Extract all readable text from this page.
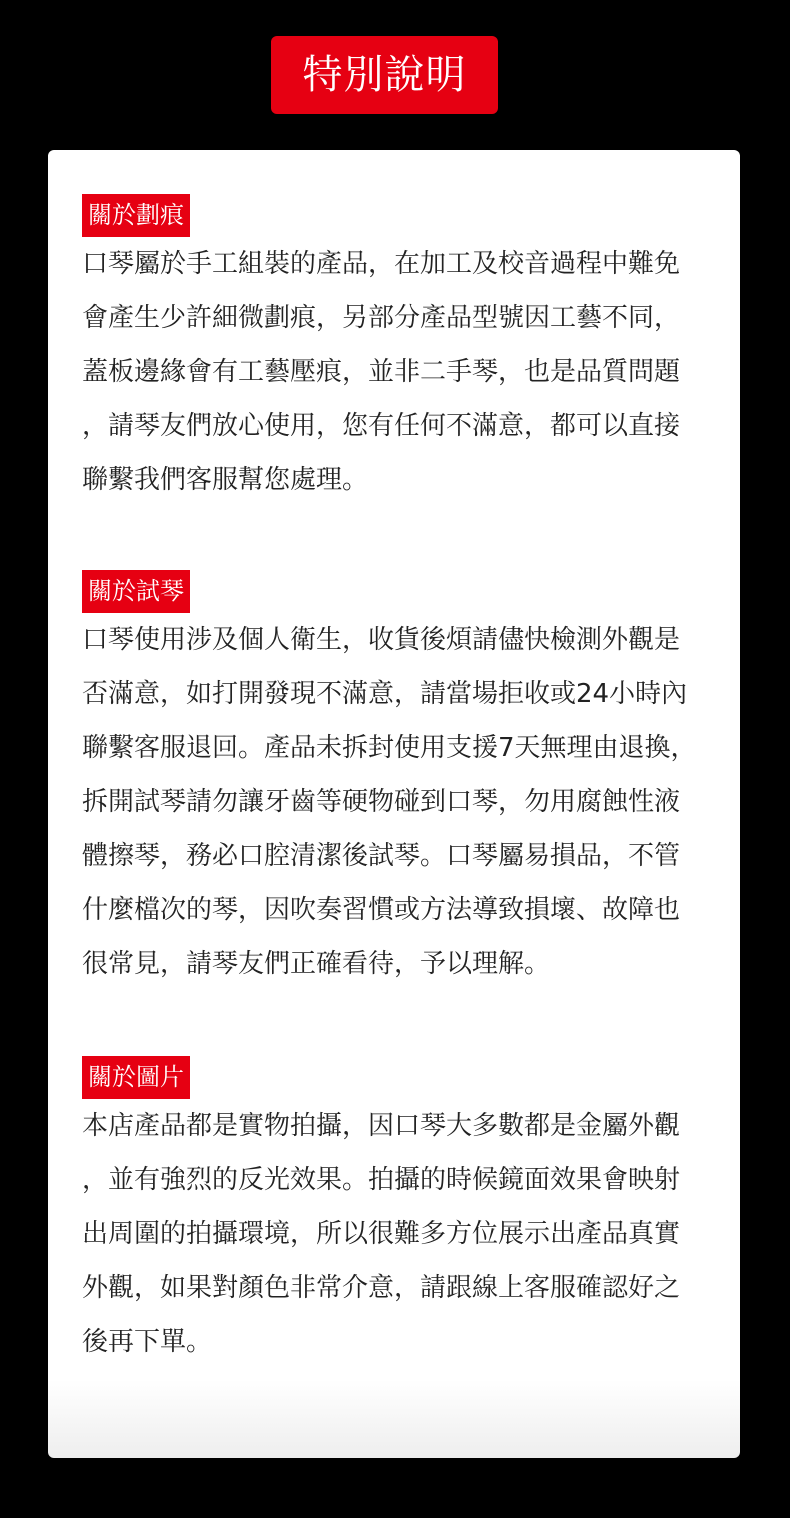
特別說明
關於劃痕
口琴屬於手工組裝的產品，在加工及校音過程中難免
會產生少許細微劃痕，另部分產品型號因工藝不同，
蓋板邊緣會有工藝壓痕，並非二手琴，也是品質問題
，請琴友們放心使用，您有任何不滿意，都可以直接
聯繫我們客服幫您處理。
關於試琴
口琴使用涉及個人衛生，收貨後煩請儘快檢測外觀是
否滿意，如打開發現不滿意，請當場拒收或24小時內
聯繫客服退回。產品未拆封使用支援7天無理由退換，
拆開試琴請勿讓牙齒等硬物碰到口琴，勿用腐蝕性液
體擦琴，務必口腔清潔後試琴。口琴屬易損品，不管
什麼檔次的琴，因吹奏習慣或方法導致損壞、故障也
很常見，請琴友們正確看待，予以理解。
關於圖片
本店產品都是實物拍攝，因口琴大多數都是金屬外觀
，並有強烈的反光效果。拍攝的時候鏡面效果會映射
出周圍的拍攝環境，所以很難多方位展示出產品真實
外觀，如果對顏色非常介意，請跟線上客服確認好之
後再下單。
